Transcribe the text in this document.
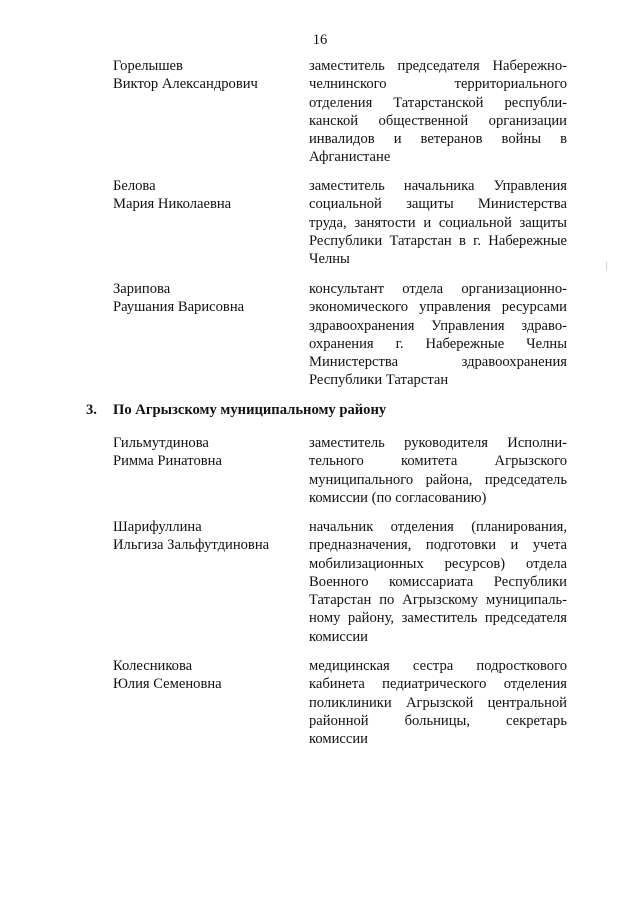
16
Горелышев
Виктор Александрович
заместитель председателя Набережно-
челнинского территориального
отделения Татарстанской республи-
канской общественной организации
инвалидов и ветеранов войны в
Афганистане
Белова
Мария Николаевна
заместитель начальника Управления
социальной защиты Министерства
труда, занятости и социальной защиты
Республики Татарстан в г. Набережные
Челны
Зарипова
Раушания Варисовна
консультант отдела организационно-
экономического управления ресурсами
здравоохранения Управления здраво-
охранения г. Набережные Челны
Министерства здравоохранения
Республики Татарстан
3. По Агрызскому муниципальному району
Гильмутдинова
Римма Ринатовна
заместитель руководителя Исполни-
тельного комитета Агрызского
муниципального района, председатель
комиссии (по согласованию)
Шарифуллина
Ильгиза Зальфутдиновна
начальник отделения (планирования,
предназначения, подготовки и учета
мобилизационных ресурсов) отдела
Военного комиссариата Республики
Татарстан по Агрызскому муниципаль-
ному району, заместитель председателя
комиссии
Колесникова
Юлия Семеновна
медицинская сестра подросткового
кабинета педиатрического отделения
поликлиники Агрызской центральной
районной больницы, секретарь
комиссии
